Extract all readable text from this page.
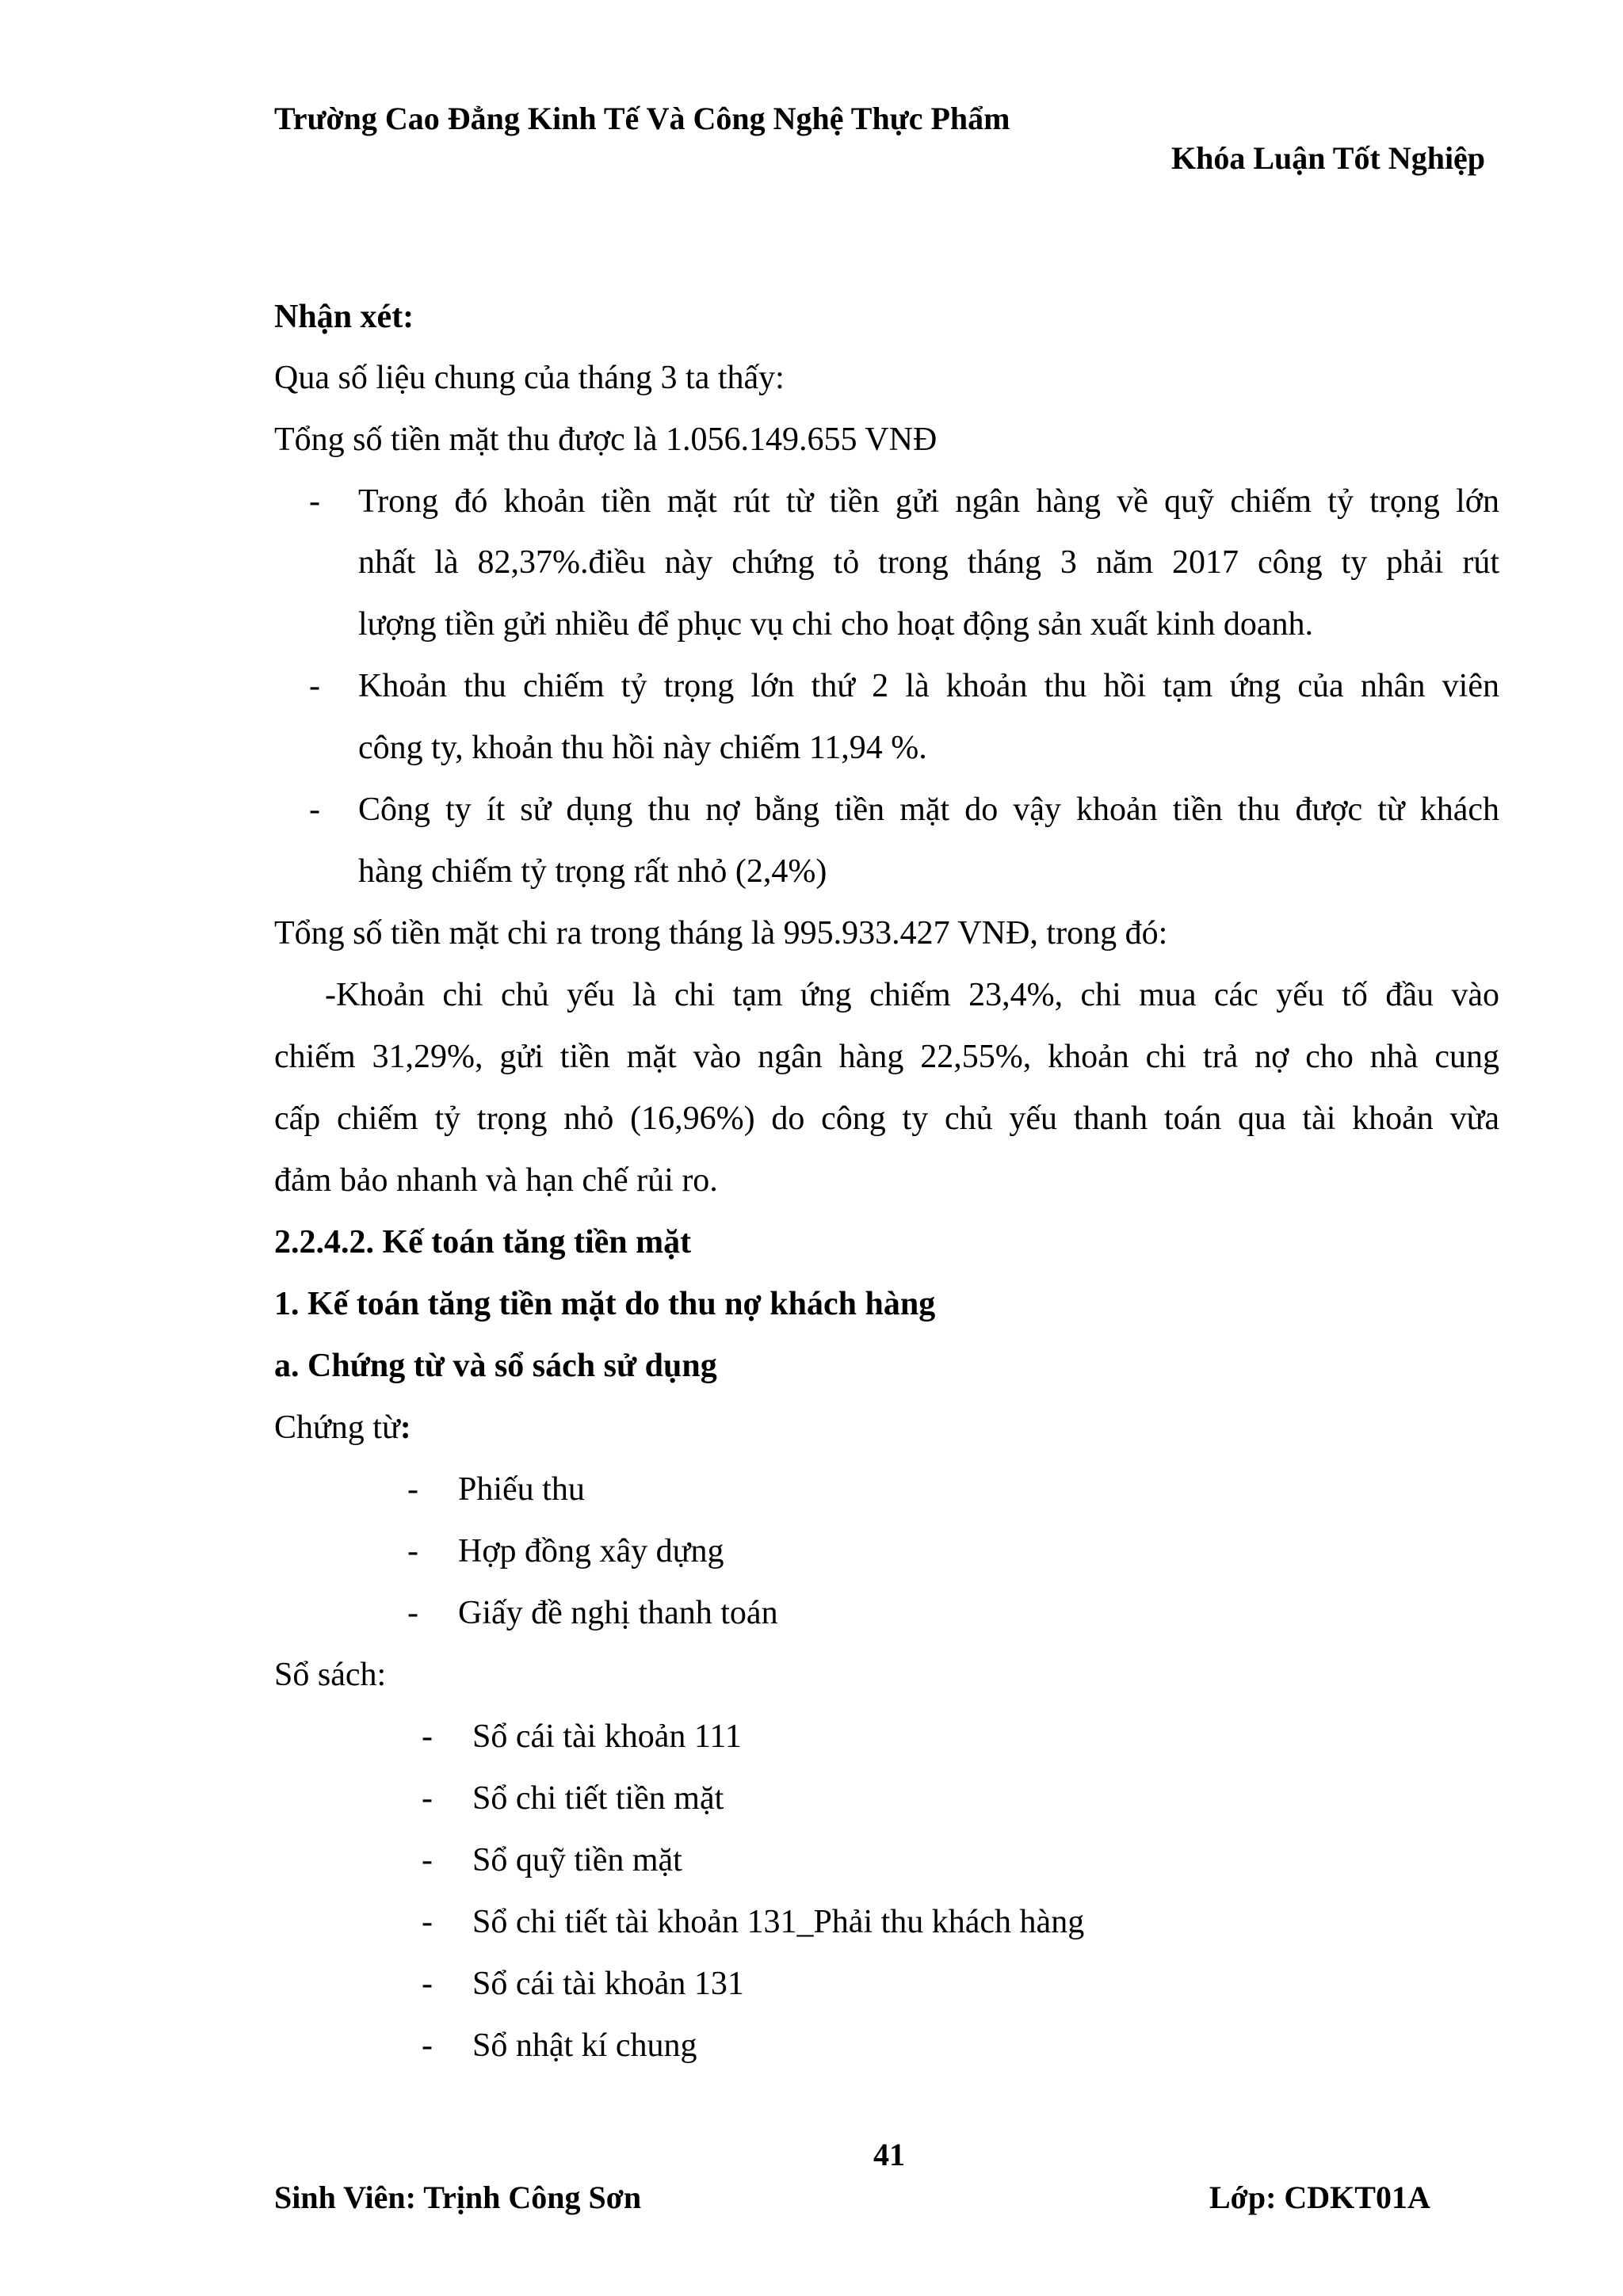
Trường Cao Đẳng Kinh Tế Và Công Nghệ Thực Phẩm
Khóa Luận Tốt Nghiệp
Nhận xét:
Qua số liệu chung của tháng 3 ta thấy:
Tổng số tiền mặt thu được là 1.056.149.655 VNĐ
- Trong đó khoản tiền mặt rút từ tiền gửi ngân hàng về quỹ chiếm tỷ trọng lớn
nhất là 82,37%.điều này chứng tỏ trong tháng 3 năm 2017 công ty phải rút
lượng tiền gửi nhiều để phục vụ chi cho hoạt động sản xuất kinh doanh.
- Khoản thu chiếm tỷ trọng lớn thứ 2 là khoản thu hồi tạm ứng của nhân viên
công ty, khoản thu hồi này chiếm 11,94 %.
- Công ty ít sử dụng thu nợ bằng tiền mặt do vậy khoản tiền thu được từ khách
hàng chiếm tỷ trọng rất nhỏ (2,4%)
Tổng số tiền mặt chi ra trong tháng là 995.933.427 VNĐ, trong đó:
-Khoản chi chủ yếu là chi tạm ứng chiếm 23,4%, chi mua các yếu tố đầu vào
chiếm 31,29%, gửi tiền mặt vào ngân hàng 22,55%, khoản chi trả nợ cho nhà cung
cấp chiếm tỷ trọng nhỏ (16,96%) do công ty chủ yếu thanh toán qua tài khoản vừa
đảm bảo nhanh và hạn chế rủi ro.
2.2.4.2. Kế toán tăng tiền mặt
1. Kế toán tăng tiền mặt do thu nợ khách hàng
a. Chứng từ và sổ sách sử dụng
Chứng từ:
- Phiếu thu
- Hợp đồng xây dựng
- Giấy đề nghị thanh toán
Sổ sách:
- Sổ cái tài khoản 111
- Sổ chi tiết tiền mặt
- Sổ quỹ tiền mặt
- Sổ chi tiết tài khoản 131_Phải thu khách hàng
- Sổ cái tài khoản 131
- Sổ nhật kí chung
41
Sinh Viên: Trịnh Công Sơn	Lớp: CDKT01A
